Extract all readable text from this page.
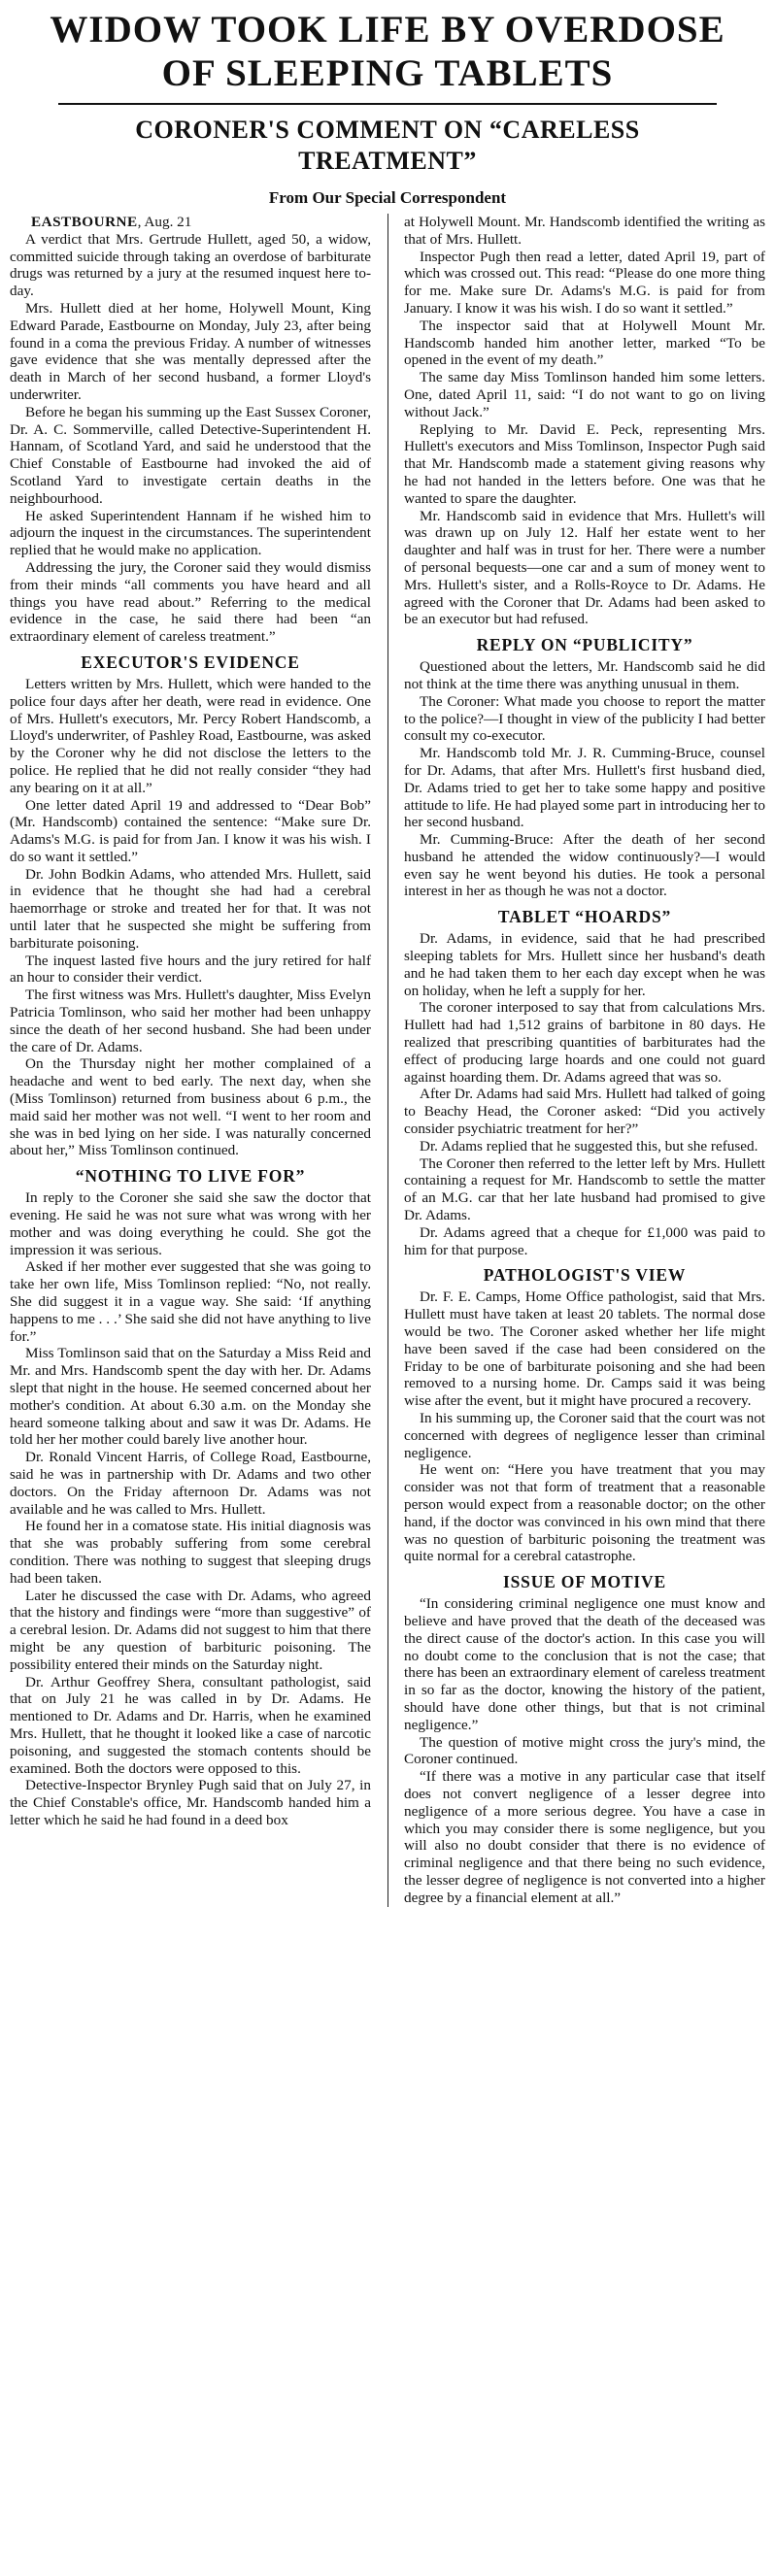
WIDOW TOOK LIFE BY OVERDOSE
OF SLEEPING TABLETS
CORONER'S COMMENT ON “CARELESS
TREATMENT”
From Our Special Correspondent

EASTBOURNE, Aug. 21

A verdict that Mrs. Gertrude Hullett, aged 50, a widow, committed suicide through taking an overdose of barbiturate drugs was returned by a jury at the resumed inquest here to-day.

Mrs. Hullett died at her home, Holywell Mount, King Edward Parade, Eastbourne on Monday, July 23, after being found in a coma the previous Friday. A number of witnesses gave evidence that she was mentally depressed after the death in March of her second husband, a former Lloyd's underwriter.

Before he began his summing up the East Sussex Coroner, Dr. A. C. Sommerville, called Detective-Superintendent H. Hannam, of Scotland Yard, and said he understood that the Chief Constable of Eastbourne had invoked the aid of Scotland Yard to investigate certain deaths in the neighbourhood.

He asked Superintendent Hannam if he wished him to adjourn the inquest in the circumstances. The superintendent replied that he would make no application.

Addressing the jury, the Coroner said they would dismiss from their minds “all comments you have heard and all things you have read about.” Referring to the medical evidence in the case, he said there had been “an extraordinary element of careless treatment.”

EXECUTOR'S EVIDENCE

Letters written by Mrs. Hullett, which were handed to the police four days after her death, were read in evidence. One of Mrs. Hullett's executors, Mr. Percy Robert Handscomb, a Lloyd's underwriter, of Pashley Road, Eastbourne, was asked by the Coroner why he did not disclose the letters to the police. He replied that he did not really consider “they had any bearing on it at all.”

One letter dated April 19 and addressed to “Dear Bob” (Mr. Handscomb) contained the sentence: “Make sure Dr. Adams's M.G. is paid for from Jan. I know it was his wish. I do so want it settled.”

Dr. John Bodkin Adams, who attended Mrs. Hullett, said in evidence that he thought she had had a cerebral haemorrhage or stroke and treated her for that. It was not until later that he suspected she might be suffering from barbiturate poisoning.

The inquest lasted five hours and the jury retired for half an hour to consider their verdict.

The first witness was Mrs. Hullett's daughter, Miss Evelyn Patricia Tomlinson, who said her mother had been unhappy since the death of her second husband. She had been under the care of Dr. Adams.

On the Thursday night her mother complained of a headache and went to bed early. The next day, when she (Miss Tomlinson) returned from business about 6 p.m., the maid said her mother was not well. “I went to her room and she was in bed lying on her side. I was naturally concerned about her,” Miss Tomlinson continued.

“NOTHING TO LIVE FOR”

In reply to the Coroner she said she saw the doctor that evening. He said he was not sure what was wrong with her mother and was doing everything he could. She got the impression it was serious.

Asked if her mother ever suggested that she was going to take her own life, Miss Tomlinson replied: “No, not really. She did suggest it in a vague way. She said: ‘If anything happens to me . . .’ She said she did not have anything to live for.”

Miss Tomlinson said that on the Saturday a Miss Reid and Mr. and Mrs. Handscomb spent the day with her. Dr. Adams slept that night in the house. He seemed concerned about her mother's condition. At about 6.30 a.m. on the Monday she heard someone talking about and saw it was Dr. Adams. He told her her mother could barely live another hour.

Dr. Ronald Vincent Harris, of College Road, Eastbourne, said he was in partnership with Dr. Adams and two other doctors. On the Friday afternoon Dr. Adams was not available and he was called to Mrs. Hullett.

He found her in a comatose state. His initial diagnosis was that she was probably suffering from some cerebral condition. There was nothing to suggest that sleeping drugs had been taken.

Later he discussed the case with Dr. Adams, who agreed that the history and findings were “more than suggestive” of a cerebral lesion. Dr. Adams did not suggest to him that there might be any question of barbituric poisoning. The possibility entered their minds on the Saturday night.

Dr. Arthur Geoffrey Shera, consultant pathologist, said that on July 21 he was called in by Dr. Adams. He mentioned to Dr. Adams and Dr. Harris, when he examined Mrs. Hullett, that he thought it looked like a case of narcotic poisoning, and suggested the stomach contents should be examined. Both the doctors were opposed to this.

Detective-Inspector Brynley Pugh said that on July 27, in the Chief Constable's office, Mr. Handscomb handed him a letter which he said he had found in a deed box

at Holywell Mount. Mr. Handscomb identified the writing as that of Mrs. Hullett.

Inspector Pugh then read a letter, dated April 19, part of which was crossed out. This read: “Please do one more thing for me. Make sure Dr. Adams's M.G. is paid for from January. I know it was his wish. I do so want it settled.”

The inspector said that at Holywell Mount Mr. Handscomb handed him another letter, marked “To be opened in the event of my death.”

The same day Miss Tomlinson handed him some letters. One, dated April 11, said: “I do not want to go on living without Jack.”

Replying to Mr. David E. Peck, representing Mrs. Hullett's executors and Miss Tomlinson, Inspector Pugh said that Mr. Handscomb made a statement giving reasons why he had not handed in the letters before. One was that he wanted to spare the daughter.

Mr. Handscomb said in evidence that Mrs. Hullett's will was drawn up on July 12. Half her estate went to her daughter and half was in trust for her. There were a number of personal bequests—one car and a sum of money went to Mrs. Hullett's sister, and a Rolls-Royce to Dr. Adams. He agreed with the Coroner that Dr. Adams had been asked to be an executor but had refused.

REPLY ON “PUBLICITY”

Questioned about the letters, Mr. Handscomb said he did not think at the time there was anything unusual in them.

The Coroner: What made you choose to report the matter to the police?—I thought in view of the publicity I had better consult my co-executor.

Mr. Handscomb told Mr. J. R. Cumming-Bruce, counsel for Dr. Adams, that after Mrs. Hullett's first husband died, Dr. Adams tried to get her to take some happy and positive attitude to life. He had played some part in introducing her to her second husband.

Mr. Cumming-Bruce: After the death of her second husband he attended the widow continuously?—I would even say he went beyond his duties. He took a personal interest in her as though he was not a doctor.

TABLET “HOARDS”

Dr. Adams, in evidence, said that he had prescribed sleeping tablets for Mrs. Hullett since her husband's death and he had taken them to her each day except when he was on holiday, when he left a supply for her.

The coroner interposed to say that from calculations Mrs. Hullett had had 1,512 grains of barbitone in 80 days. He realized that prescribing quantities of barbiturates had the effect of producing large hoards and one could not guard against hoarding them. Dr. Adams agreed that was so.

After Dr. Adams had said Mrs. Hullett had talked of going to Beachy Head, the Coroner asked: “Did you actively consider psychiatric treatment for her?”

Dr. Adams replied that he suggested this, but she refused.

The Coroner then referred to the letter left by Mrs. Hullett containing a request for Mr. Handscomb to settle the matter of an M.G. car that her late husband had promised to give Dr. Adams.

Dr. Adams agreed that a cheque for £1,000 was paid to him for that purpose.

PATHOLOGIST'S VIEW

Dr. F. E. Camps, Home Office pathologist, said that Mrs. Hullett must have taken at least 20 tablets. The normal dose would be two. The Coroner asked whether her life might have been saved if the case had been considered on the Friday to be one of barbiturate poisoning and she had been removed to a nursing home. Dr. Camps said it was being wise after the event, but it might have procured a recovery.

In his summing up, the Coroner said that the court was not concerned with degrees of negligence lesser than criminal negligence.

He went on: “Here you have treatment that you may consider was not that form of treatment that a reasonable person would expect from a reasonable doctor; on the other hand, if the doctor was convinced in his own mind that there was no question of barbituric poisoning the treatment was quite normal for a cerebral catastrophe.

ISSUE OF MOTIVE

“In considering criminal negligence one must know and believe and have proved that the death of the deceased was the direct cause of the doctor's action. In this case you will no doubt come to the conclusion that is not the case; that there has been an extraordinary element of careless treatment in so far as the doctor, knowing the history of the patient, should have done other things, but that is not criminal negligence.”

The question of motive might cross the jury's mind, the Coroner continued.

“If there was a motive in any particular case that itself does not convert negligence of a lesser degree into negligence of a more serious degree. You have a case in which you may consider there is some negligence, but you will also no doubt consider that there is no evidence of criminal negligence and that there being no such evidence, the lesser degree of negligence is not converted into a higher degree by a financial element at all.”
